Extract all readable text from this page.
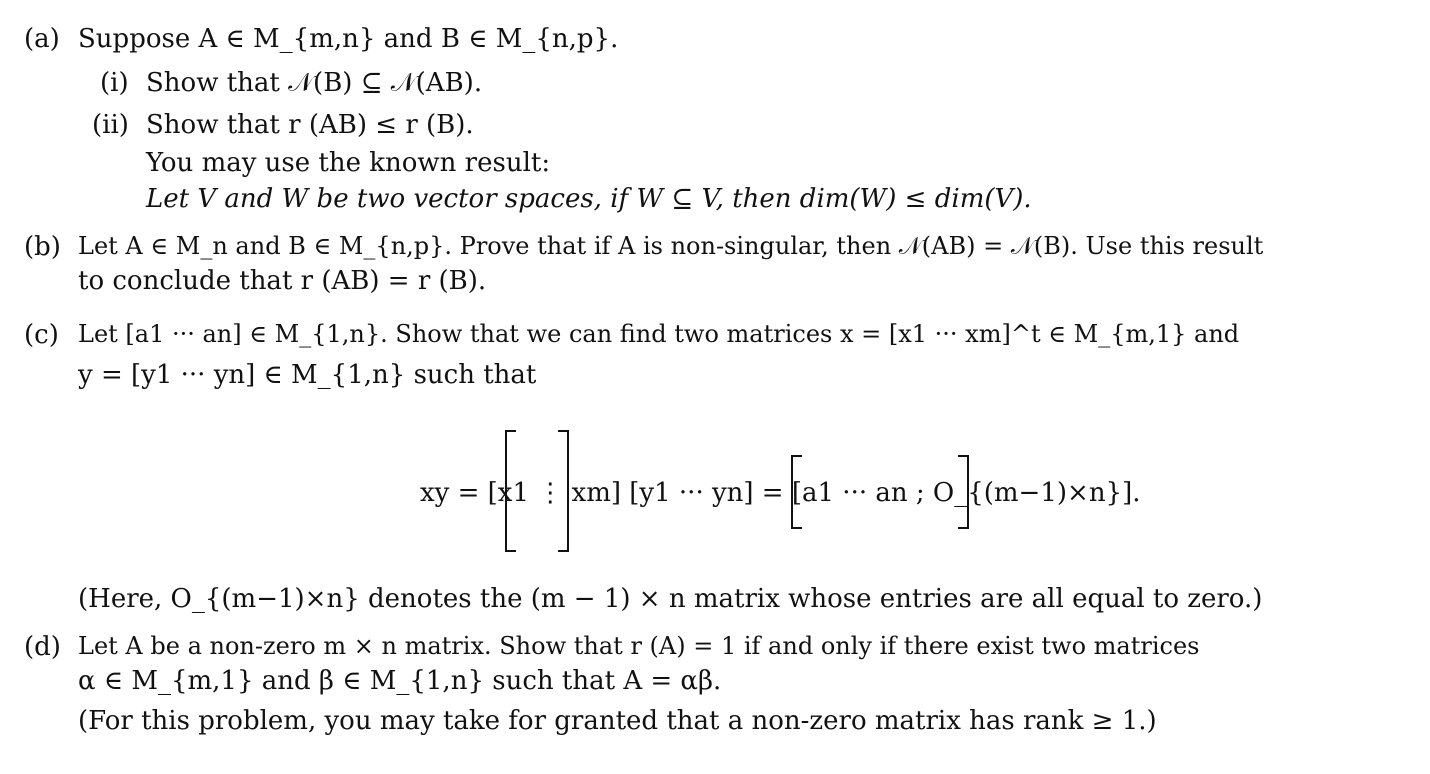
(a) Suppose A ∈ M_{m,n} and B ∈ M_{n,p}.
(i) Show that 𝒩(B) ⊆ 𝒩(AB).
(ii) Show that r (AB) ≤ r (B).
You may use the known result:
Let V and W be two vector spaces, if W ⊆ V, then dim(W) ≤ dim(V).
(b) Let A ∈ M_n and B ∈ M_{n,p}. Prove that if A is non-singular, then 𝒩(AB) = 𝒩(B). Use this result
to conclude that r (AB) = r (B).
(c) Let [a1 ··· an] ∈ M_{1,n}. Show that we can find two matrices x = [x1 ··· xm]^t ∈ M_{m,1} and
y = [y1 ··· yn] ∈ M_{1,n} such that
xy = [x1 ⋮ xm] [y1 ··· yn] = [a1 ··· an ; O_{(m−1)×n}].
(Here, O_{(m−1)×n} denotes the (m − 1) × n matrix whose entries are all equal to zero.)
(d) Let A be a non-zero m × n matrix. Show that r (A) = 1 if and only if there exist two matrices
α ∈ M_{m,1} and β ∈ M_{1,n} such that A = αβ.
(For this problem, you may take for granted that a non-zero matrix has rank ≥ 1.)
